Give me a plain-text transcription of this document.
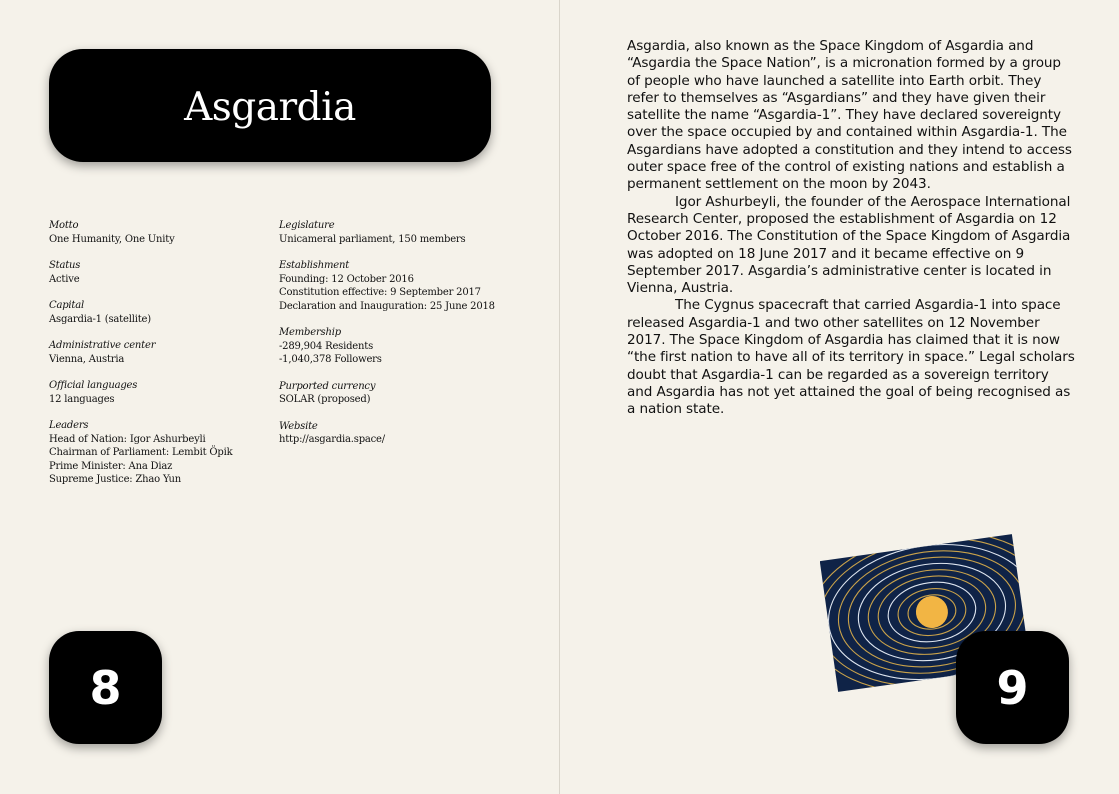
Asgardia
Motto
One Humanity, One Unity
Status
Active
Capital
Asgardia-1 (satellite)
Administrative center
Vienna, Austria
Official languages
12 languages
Leaders
Head of Nation: Igor Ashurbeyli
Chairman of Parliament: Lembit Öpik
Prime Minister: Ana Diaz
Supreme Justice: Zhao Yun
Legislature
Unicameral parliament, 150 members
Establishment
Founding: 12 October 2016
Constitution effective: 9 September 2017
Declaration and Inauguration: 25 June 2018
Membership
-289,904 Residents
-1,040,378 Followers
Purported currency
SOLAR (proposed)
Website
http://asgardia.space/

Asgardia, also known as the Space Kingdom of Asgardia and “Asgardia the Space Nation”, is a micronation formed by a group of people who have launched a satellite into Earth orbit. They refer to themselves as “Asgardians” and they have given their satellite the name “Asgardia-1”. They have declared sovereignty over the space occupied by and contained within Asgardia-1. The Asgardians have adopted a constitution and they intend to access outer space free of the control of existing nations and establish a permanent settlement on the moon by 2043.

Igor Ashurbeyli, the founder of the Aerospace International Research Center, proposed the establishment of Asgardia on 12 October 2016. The Constitution of the Space Kingdom of Asgardia was adopted on 18 June 2017 and it became effective on 9 September 2017. Asgardia’s administrative center is located in Vienna, Austria.

The Cygnus spacecraft that carried Asgardia-1 into space released Asgardia-1 and two other satellites on 12 November 2017. The Space Kingdom of Asgardia has claimed that it is now “the first nation to have all of its territory in space.” Legal scholars doubt that Asgardia-1 can be regarded as a sovereign territory and Asgardia has not yet attained the goal of being recognised as a nation state.

8	9
